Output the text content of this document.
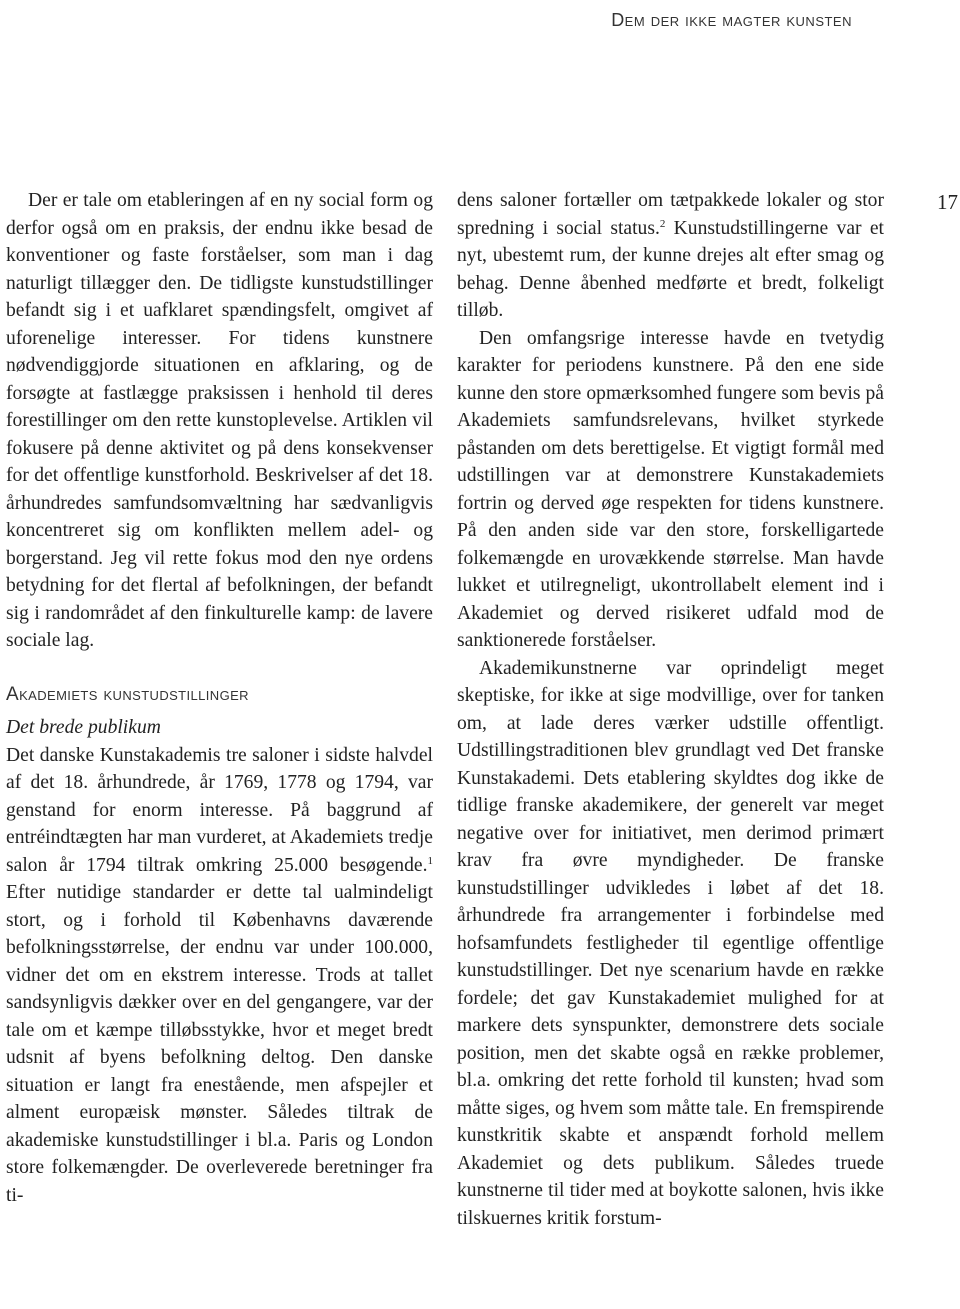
Dem der ikke magter kunsten
17

Der er tale om etableringen af en ny social form og derfor også om en praksis, der endnu ikke besad de konventioner og faste forståelser, som man i dag naturligt tillægger den. De tidligste kunstudstillinger befandt sig i et uafklaret spændingsfelt, omgivet af uforenelige interesser. For tidens kunstnere nødvendiggjorde situationen en afklaring, og de forsøgte at fastlægge praksissen i henhold til deres forestillinger om den rette kunstoplevelse. Artiklen vil fokusere på denne aktivitet og på dens konsekvenser for det offentlige kunstforhold. Beskrivelser af det 18. århundredes samfundsomvæltning har sædvanligvis koncentreret sig om konflikten mellem adel- og borgerstand. Jeg vil rette fokus mod den nye ordens betydning for det flertal af befolkningen, der befandt sig i randområdet af den finkulturelle kamp: de lavere sociale lag.

Akademiets kunstudstillinger
Det brede publikum

Det danske Kunstakademis tre saloner i sidste halvdel af det 18. århundrede, år 1769, 1778 og 1794, var genstand for enorm interesse. På baggrund af entréindtægten har man vurderet, at Akademiets tredje salon år 1794 tiltrak omkring 25.000 besøgende.$^1$ Efter nutidige standarder er dette tal ualmindeligt stort, og i forhold til Københavns daværende befolkningsstørrelse, der endnu var under 100.000, vidner det om en ekstrem interesse. Trods at tallet sandsynligvis dækker over en del gengangere, var der tale om et kæmpe tilløbsstykke, hvor et meget bredt udsnit af byens befolkning deltog. Den danske situation er langt fra enestående, men afspejler et alment europæisk mønster. Således tiltrak de akademiske kunstudstillinger i bl.a. Paris og London store folkemængder. De overleverede beretninger fra ti-

dens saloner fortæller om tætpakkede lokaler og stor spredning i social status.$^2$ Kunstudstillingerne var et nyt, ubestemt rum, der kunne drejes alt efter smag og behag. Denne åbenhed medførte et bredt, folkeligt tilløb.

Den omfangsrige interesse havde en tvetydig karakter for periodens kunstnere. På den ene side kunne den store opmærksomhed fungere som bevis på Akademiets samfundsrelevans, hvilket styrkede påstanden om dets berettigelse. Et vigtigt formål med udstillingen var at demonstrere Kunstakademiets fortrin og derved øge respekten for tidens kunstnere. På den anden side var den store, forskelligartede folkemængde en urovækkende størrelse. Man havde lukket et utilregneligt, ukontrollabelt element ind i Akademiet og derved risikeret udfald mod de sanktionerede forståelser.

Akademikunstnerne var oprindeligt meget skeptiske, for ikke at sige modvillige, over for tanken om, at lade deres værker udstille offentligt. Udstillingstraditionen blev grundlagt ved Det franske Kunstakademi. Dets etablering skyldtes dog ikke de tidlige franske akademikere, der generelt var meget negative over for initiativet, men derimod primært krav fra øvre myndigheder. De franske kunstudstillinger udvikledes i løbet af det 18. århundrede fra arrangementer i forbindelse med hofsamfundets festligheder til egentlige offentlige kunstudstillinger. Det nye scenarium havde en række fordele; det gav Kunstakademiet mulighed for at markere dets synspunkter, demonstrere dets sociale position, men det skabte også en række problemer, bl.a. omkring det rette forhold til kunsten; hvad som måtte siges, og hvem som måtte tale. En fremspirende kunstkritik skabte et anspændt forhold mellem Akademiet og dets publikum. Således truede kunstnerne til tider med at boykotte salonen, hvis ikke tilskuernes kritik forstum-
